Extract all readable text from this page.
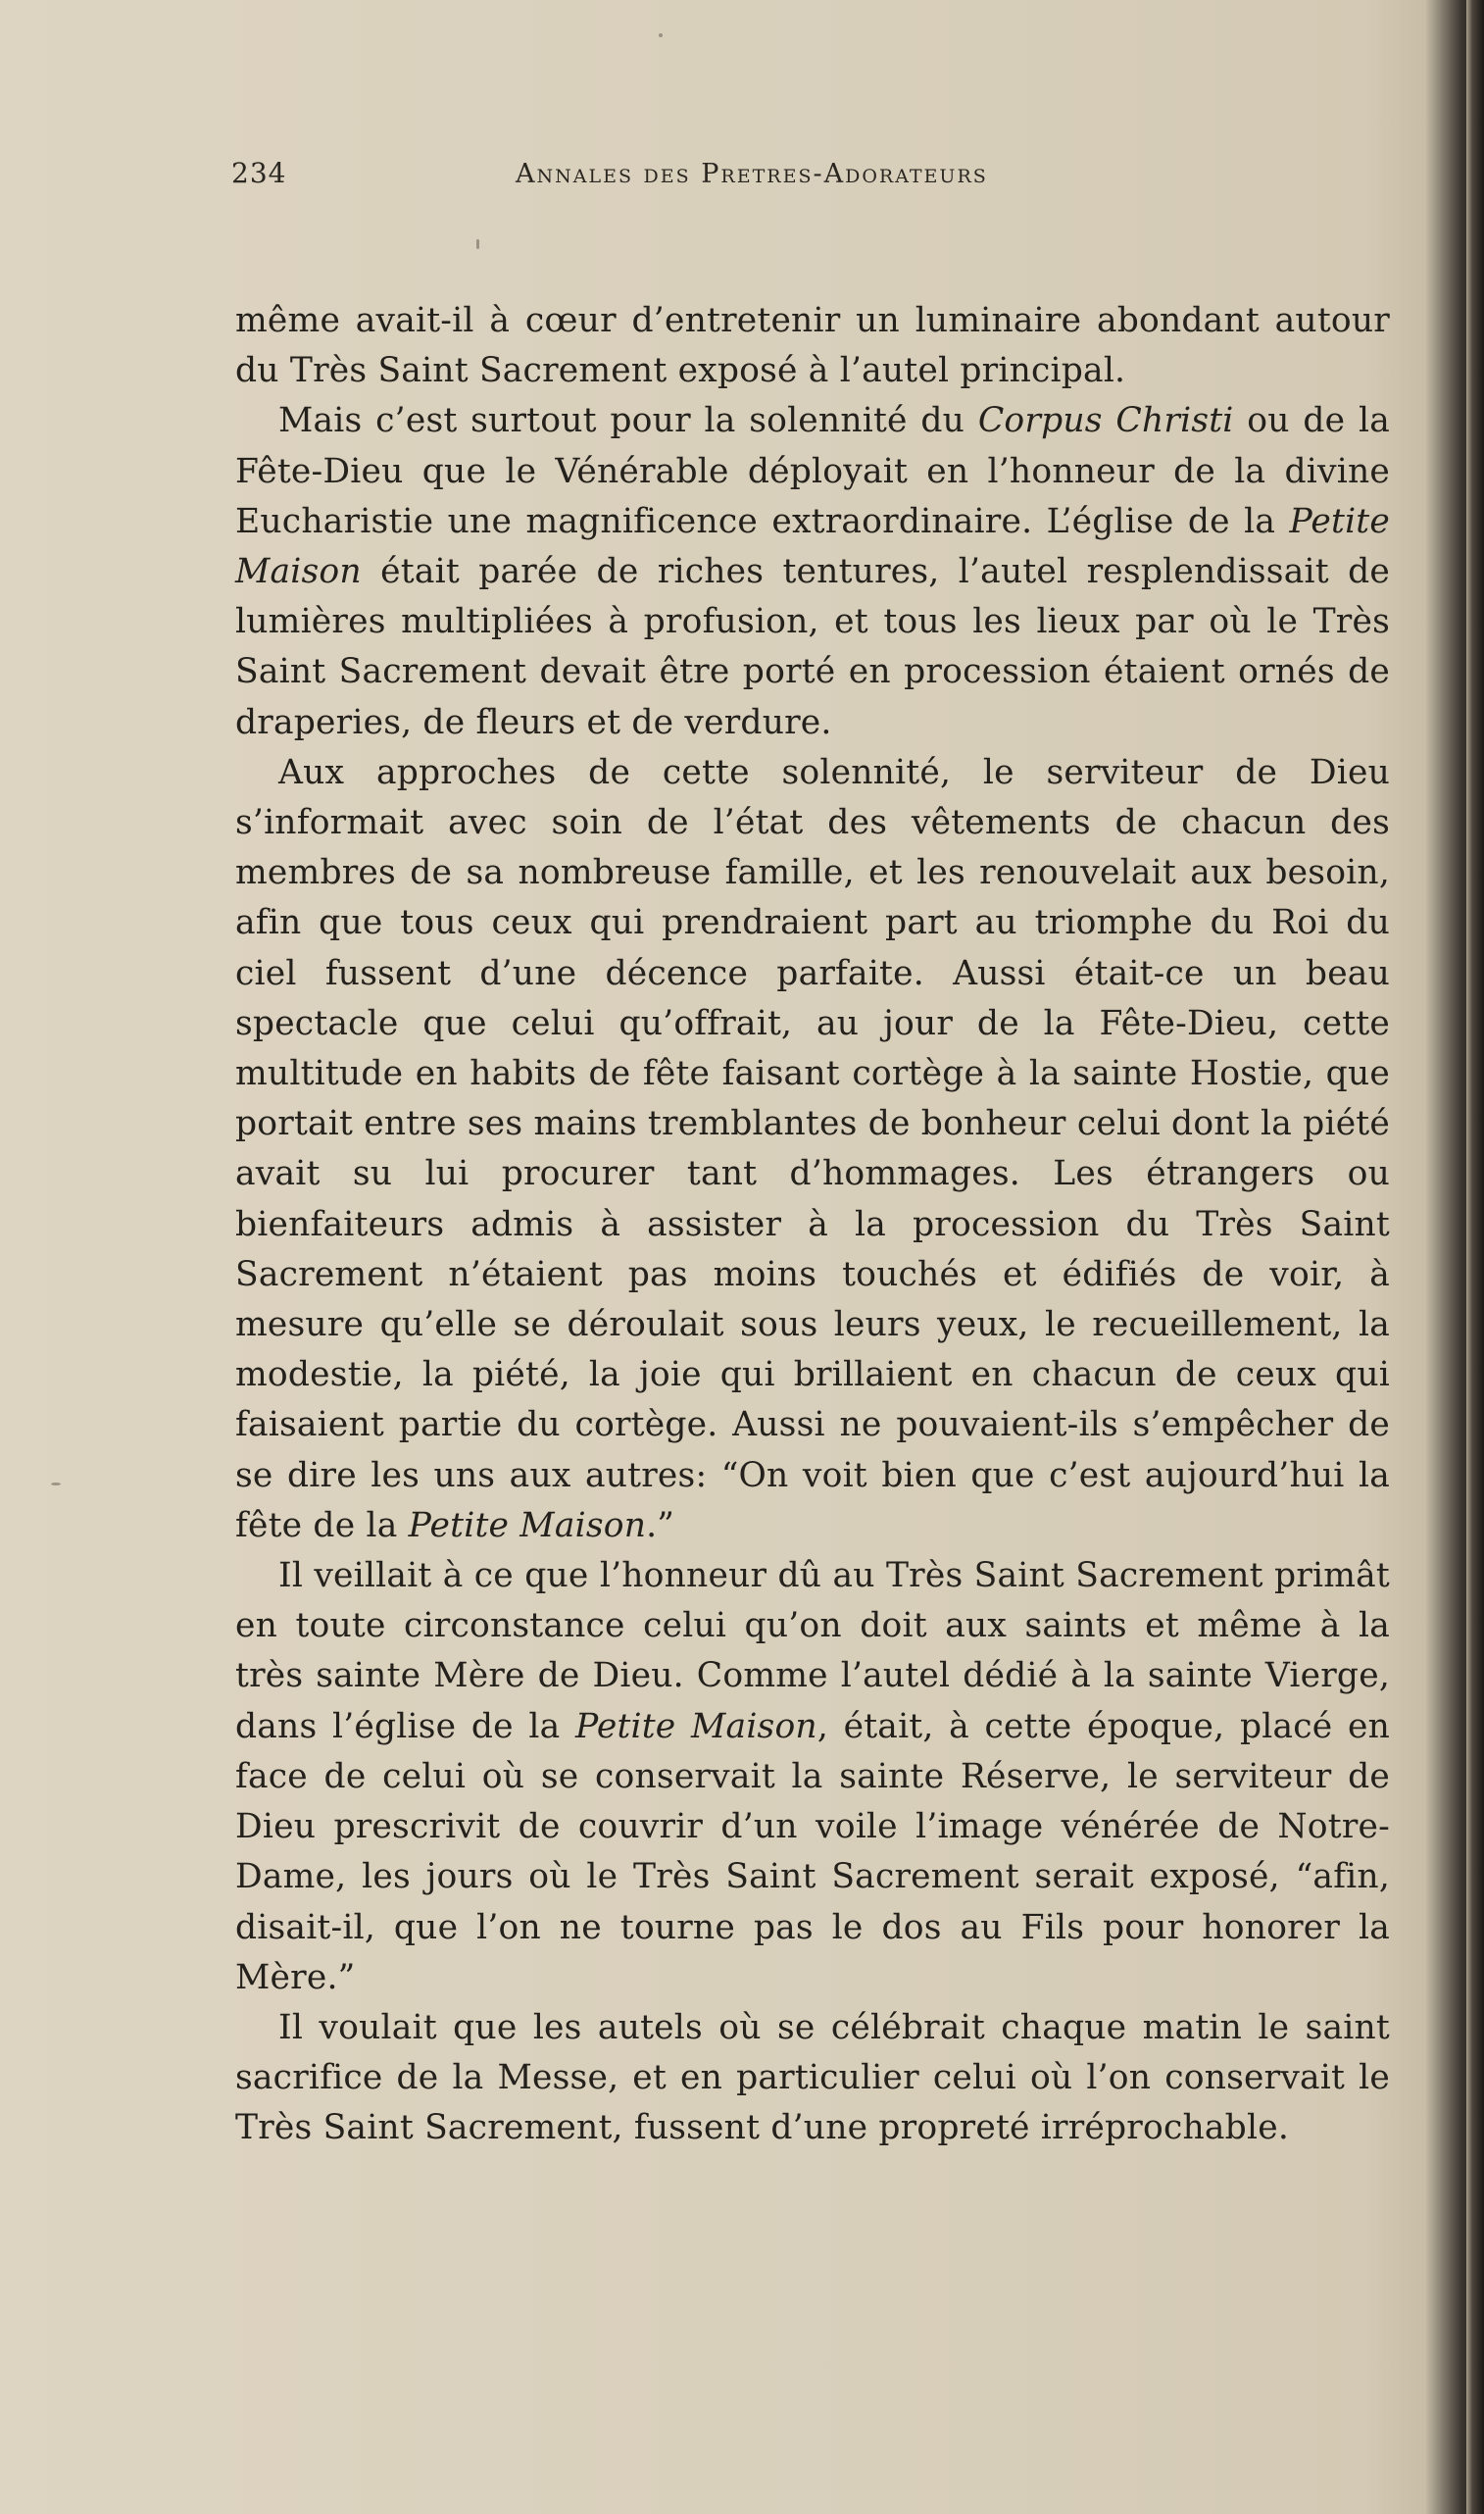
234	Annales des Pretres-Adorateurs

même avait-il à cœur d’entretenir un luminaire abondant autour du Très Saint Sacrement exposé à l’autel principal.

Mais c’est surtout pour la solennité du Corpus Christi ou de la Fête-Dieu que le Vénérable déployait en l’honneur de la divine Eucharistie une magnificence extraordinaire. L’église de la Petite Maison était parée de riches tentures, l’autel resplendissait de lumières multipliées à profusion, et tous les lieux par où le Très Saint Sacrement devait être porté en procession étaient ornés de draperies, de fleurs et de verdure.

Aux approches de cette solennité, le serviteur de Dieu s’informait avec soin de l’état des vêtements de chacun des membres de sa nombreuse famille, et les renouvelait aux besoin, afin que tous ceux qui prendraient part au triomphe du Roi du ciel fussent d’une décence parfaite. Aussi était-ce un beau spectacle que celui qu’offrait, au jour de la Fête-Dieu, cette multitude en habits de fête faisant cortège à la sainte Hostie, que portait entre ses mains tremblantes de bonheur celui dont la piété avait su lui procurer tant d’hommages. Les étrangers ou bienfaiteurs admis à assister à la procession du Très Saint Sacrement n’étaient pas moins touchés et édifiés de voir, à mesure qu’elle se déroulait sous leurs yeux, le recueillement, la modestie, la piété, la joie qui brillaient en chacun de ceux qui faisaient partie du cortège. Aussi ne pouvaient-ils s’empêcher de se dire les uns aux autres: “On voit bien que c’est aujourd’hui la fête de la Petite Maison.”

Il veillait à ce que l’honneur dû au Très Saint Sacrement primât en toute circonstance celui qu’on doit aux saints et même à la très sainte Mère de Dieu. Comme l’autel dédié à la sainte Vierge, dans l’église de la Petite Maison, était, à cette époque, placé en face de celui où se conservait la sainte Réserve, le serviteur de Dieu prescrivit de couvrir d’un voile l’image vénérée de Notre-Dame, les jours où le Très Saint Sacrement serait exposé, “afin, disait-il, que l’on ne tourne pas le dos au Fils pour honorer la Mère.”

Il voulait que les autels où se célébrait chaque matin le saint sacrifice de la Messe, et en particulier celui où l’on conservait le Très Saint Sacrement, fussent d’une propreté irréprochable.
